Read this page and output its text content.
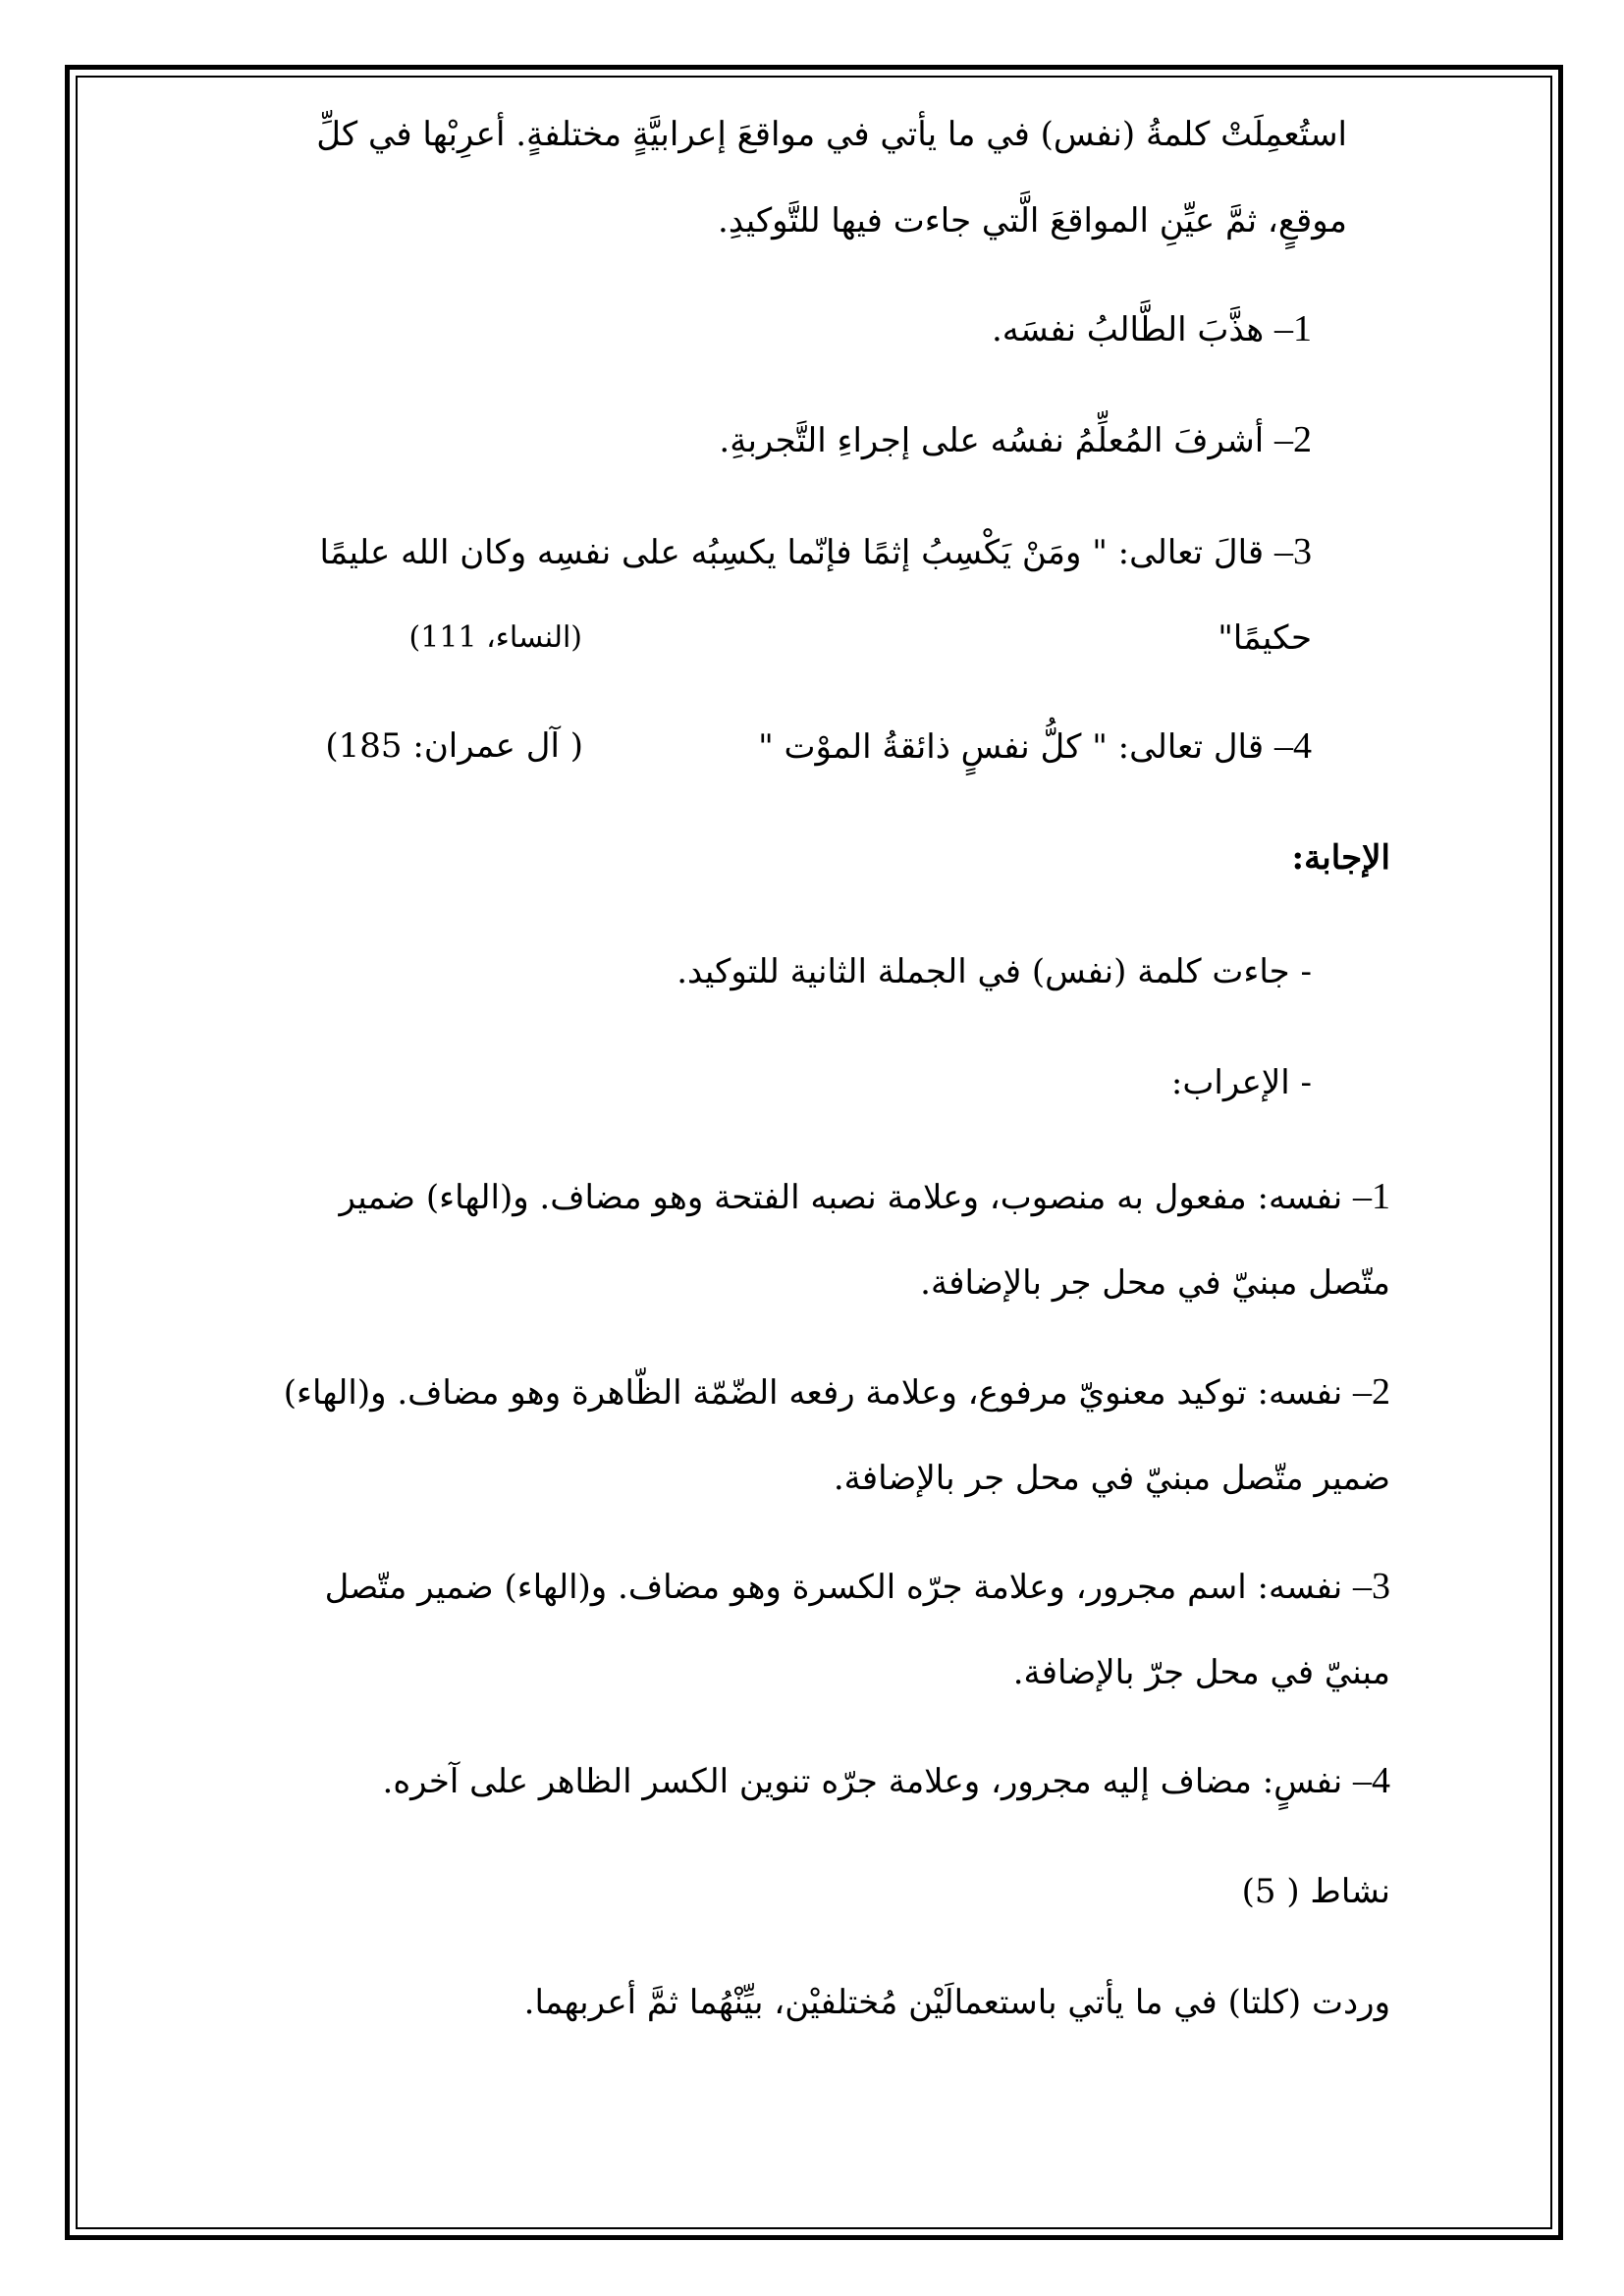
استُعمِلَتْ كلمةُ (نفس) في ما يأتي في مواقعَ إعرابيَّةٍ مختلفةٍ. أعرِبْها في كلِّ
موقعٍ، ثمَّ عيِّنِ المواقعَ الَّتي جاءت فيها للتَّوكيدِ.
1– هذَّبَ الطَّالبُ نفسَه.
2– أشرفَ المُعلِّمُ نفسُه على إجراءِ التَّجربةِ.
3– قالَ تعالى: " ومَنْ يَكْسِبُ إثمًا فإنّما يكسِبُه على نفسِه وكان الله عليمًا
حكيمًا"
(النساء، 111)
4– قال تعالى: " كلُّ نفسٍ ذائقةُ الموْت "
( آل عمران: 185)
الإجابة:
- جاءت كلمة (نفس) في الجملة الثانية للتوكيد.
- الإعراب:
1– نفسه: مفعول به منصوب، وعلامة نصبه الفتحة وهو مضاف. و(الهاء) ضمير
متّصل مبنيّ في محل جر بالإضافة.
2– نفسه: توكيد معنويّ مرفوع، وعلامة رفعه الضّمّة الظّاهرة وهو مضاف. و(الهاء)
ضمير متّصل مبنيّ في محل جر بالإضافة.
3– نفسه: اسم مجرور، وعلامة جرّه الكسرة وهو مضاف. و(الهاء) ضمير متّصل
مبنيّ في محل جرّ بالإضافة.
4– نفسٍ: مضاف إليه مجرور، وعلامة جرّه تنوين الكسر الظاهر على آخره.
نشاط ( 5)
وردت (كلتا) في ما يأتي باستعمالَيْن مُختلفيْن، بيِّنْهُما ثمَّ أعربهما.
